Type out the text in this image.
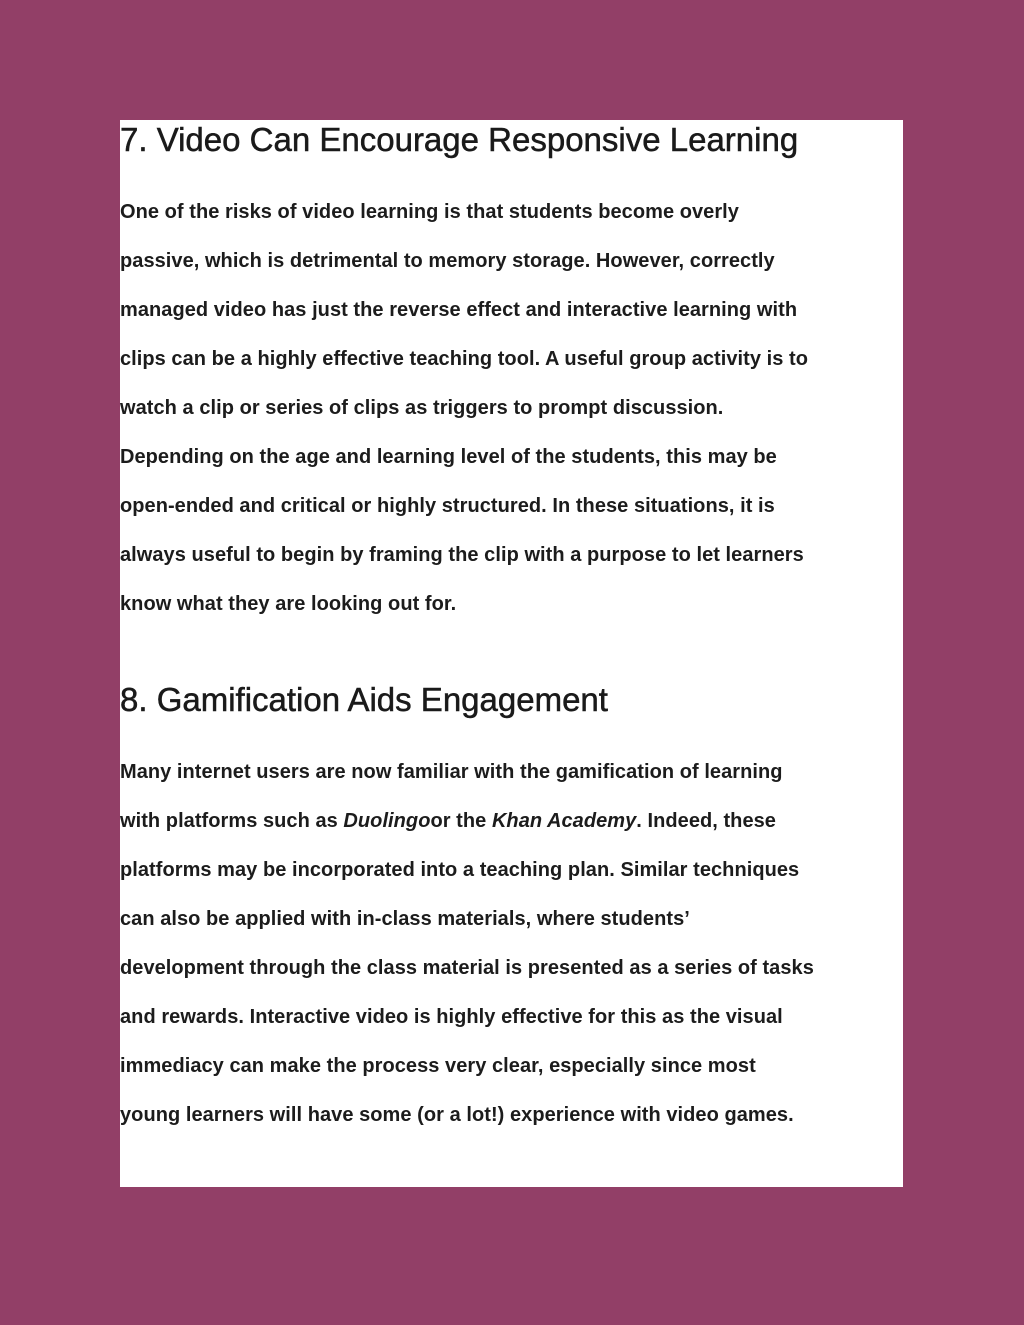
7. Video Can Encourage Responsive Learning

One of the risks of video learning is that students become overly
passive, which is detrimental to memory storage. However, correctly
managed video has just the reverse effect and interactive learning with
clips can be a highly effective teaching tool. A useful group activity is to
watch a clip or series of clips as triggers to prompt discussion.
Depending on the age and learning level of the students, this may be
open-ended and critical or highly structured. In these situations, it is
always useful to begin by framing the clip with a purpose to let learners
know what they are looking out for.

8. Gamification Aids Engagement

Many internet users are now familiar with the gamification of learning
with platforms such as Duolingoor the Khan Academy. Indeed, these
platforms may be incorporated into a teaching plan. Similar techniques
can also be applied with in-class materials, where students’
development through the class material is presented as a series of tasks
and rewards. Interactive video is highly effective for this as the visual
immediacy can make the process very clear, especially since most
young learners will have some (or a lot!) experience with video games.
